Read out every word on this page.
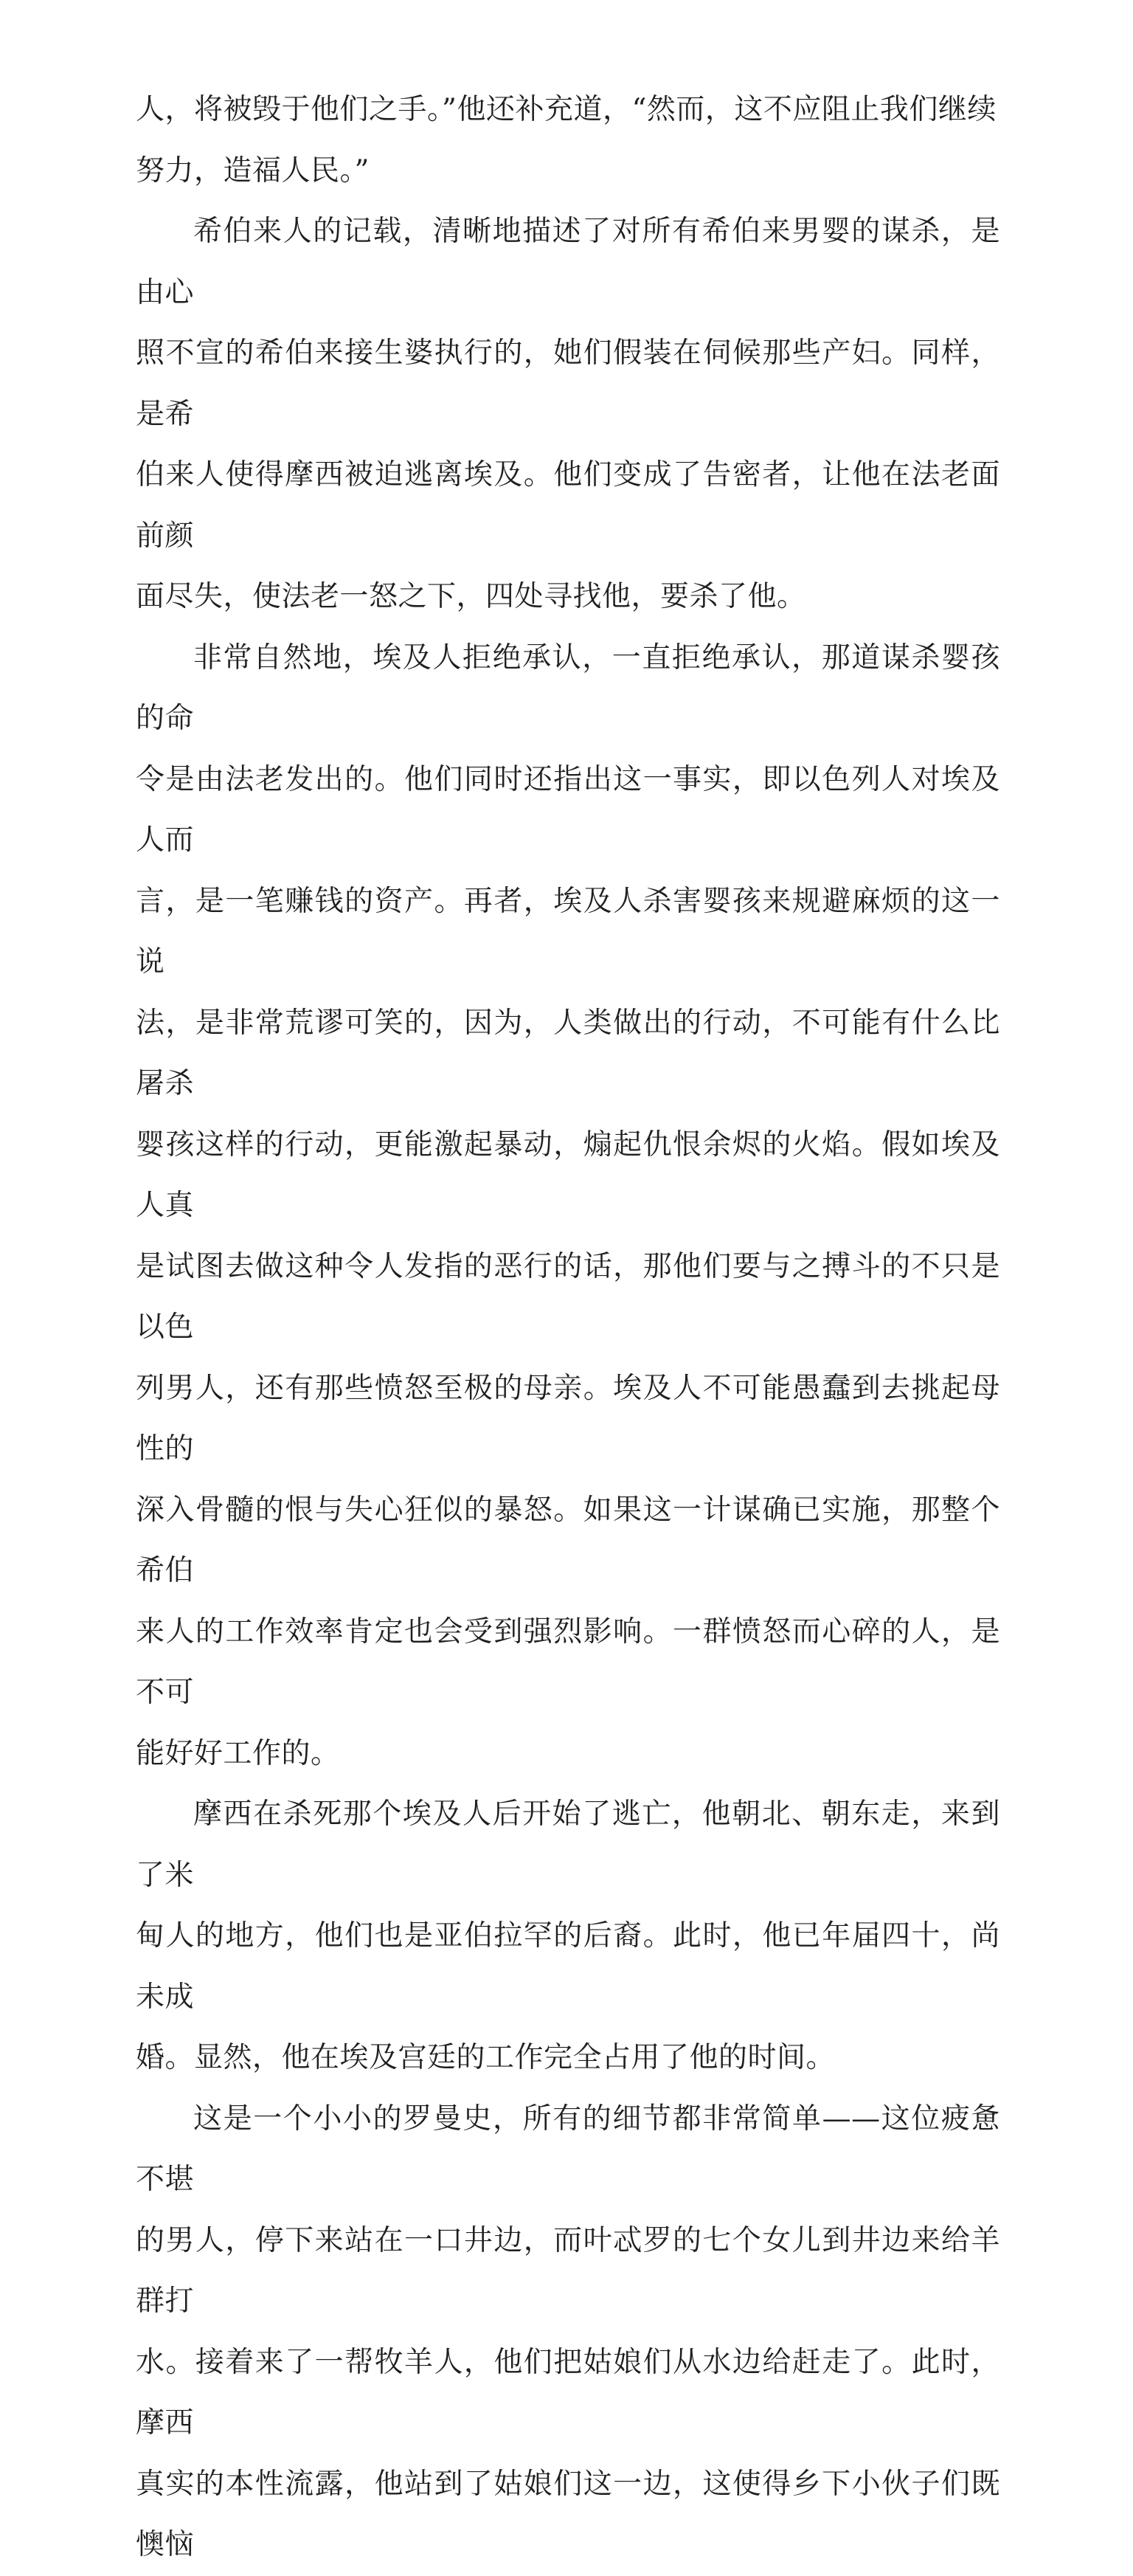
人，将被毁于他们之手。”他还补充道，“然而，这不应阻止我们继续
努力，造福人民。”

希伯来人的记载，清晰地描述了对所有希伯来男婴的谋杀，是由心
照不宣的希伯来接生婆执行的，她们假装在伺候那些产妇。同样，是希
伯来人使得摩西被迫逃离埃及。他们变成了告密者，让他在法老面前颜
面尽失，使法老一怒之下，四处寻找他，要杀了他。

非常自然地，埃及人拒绝承认，一直拒绝承认，那道谋杀婴孩的命
令是由法老发出的。他们同时还指出这一事实，即以色列人对埃及人而
言，是一笔赚钱的资产。再者，埃及人杀害婴孩来规避麻烦的这一说
法，是非常荒谬可笑的，因为，人类做出的行动，不可能有什么比屠杀
婴孩这样的行动，更能激起暴动，煽起仇恨余烬的火焰。假如埃及人真
是试图去做这种令人发指的恶行的话，那他们要与之搏斗的不只是以色
列男人，还有那些愤怒至极的母亲。埃及人不可能愚蠢到去挑起母性的
深入骨髓的恨与失心狂似的暴怒。如果这一计谋确已实施，那整个希伯
来人的工作效率肯定也会受到强烈影响。一群愤怒而心碎的人，是不可
能好好工作的。

摩西在杀死那个埃及人后开始了逃亡，他朝北、朝东走，来到了米
甸人的地方，他们也是亚伯拉罕的后裔。此时，他已年届四十，尚未成
婚。显然，他在埃及宫廷的工作完全占用了他的时间。

这是一个小小的罗曼史，所有的细节都非常简单——这位疲惫不堪
的男人，停下来站在一口井边，而叶忒罗的七个女儿到井边来给羊群打
水。接着来了一帮牧羊人，他们把姑娘们从水边给赶走了。此时，摩西
真实的本性流露，他站到了姑娘们这一边，这使得乡下小伙子们既懊恼
